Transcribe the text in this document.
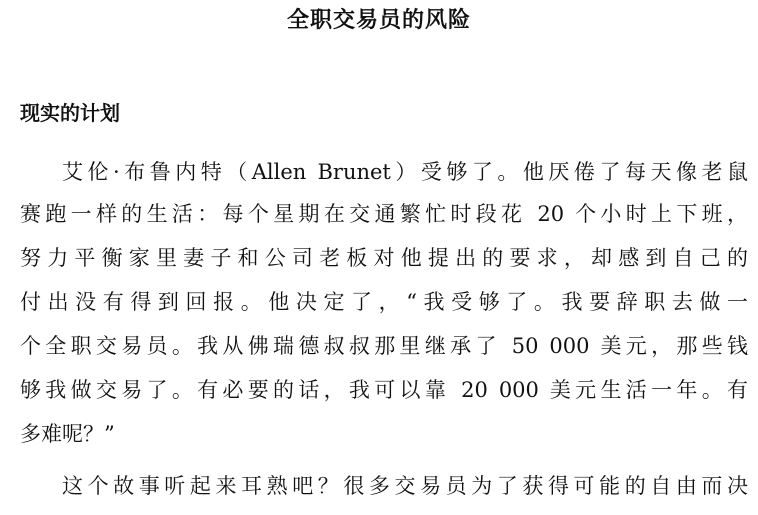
全职交易员的风险
现实的计划
艾伦·布鲁内特（Allen Brunet）受够了。他厌倦了每天像老鼠
赛跑一样的生活：每个星期在交通繁忙时段花 20 个小时上下班，
努力平衡家里妻子和公司老板对他提出的要求，却感到自己的
付出没有得到回报。他决定了，“我受够了。我要辞职去做一
个全职交易员。我从佛瑞德叔叔那里继承了 50 000 美元，那些钱
够我做交易了。有必要的话，我可以靠 20 000 美元生活一年。有
多难呢？”
这个故事听起来耳熟吧？很多交易员为了获得可能的自由而决
